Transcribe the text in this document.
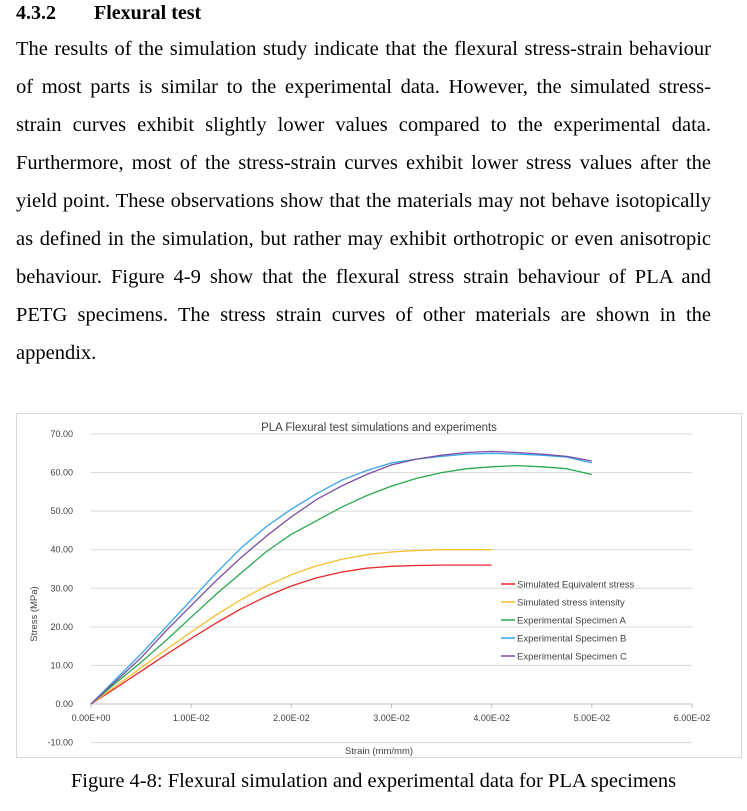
4.3.2 Flexural test

The results of the simulation study indicate that the flexural stress-strain behaviour of most parts is similar to the experimental data. However, the simulated stress-strain curves exhibit slightly lower values compared to the experimental data. Furthermore, most of the stress-strain curves exhibit lower stress values after the yield point. These observations show that the materials may not behave isotopically as defined in the simulation, but rather may exhibit orthotropic or even anisotropic behaviour. Figure 4-9 show that the flexural stress strain behaviour of PLA and PETG specimens. The stress strain curves of other materials are shown in the appendix.

-10.00
0.00
10.00
20.00
30.00
40.00
50.00
60.00
70.00
0.00E+00	1.00E-02	2.00E-02	3.00E-02	4.00E-02	5.00E-02	6.00E-02
Simulated Equivalent stress
Simulated stress intensity
Experimental Specimen A
Experimental Specimen B
Experimental Specimen C
PLA Flexural test simulations and experiments
Strain (mm/mm)
Stress (MPa)
Figure 4-8: Flexural simulation and experimental data for PLA specimens
